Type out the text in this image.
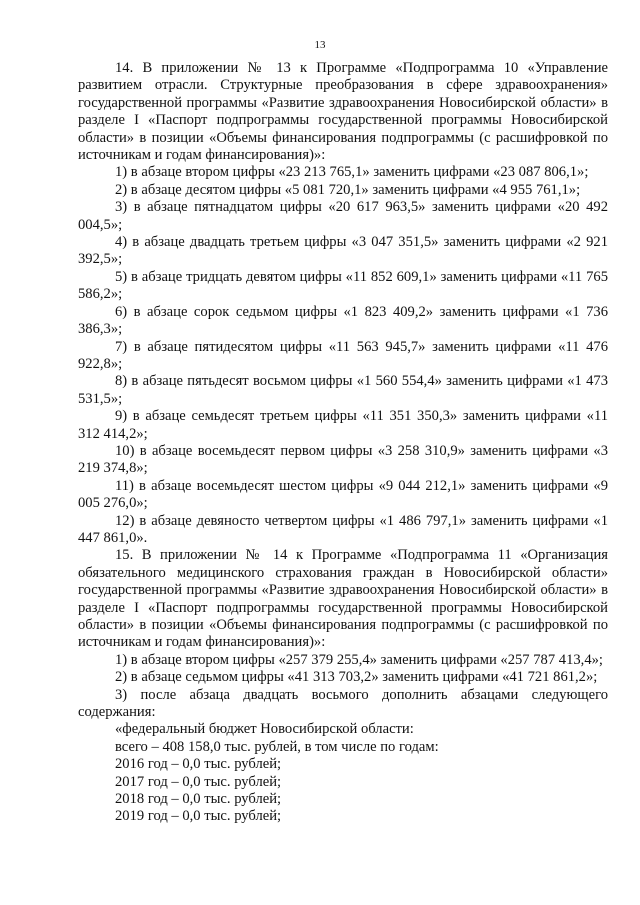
13

14. В приложении № 13 к Программе «Подпрограмма 10 «Управление развитием отрасли. Структурные преобразования в сфере здравоохранения» государственной программы «Развитие здравоохранения Новосибирской области» в разделе I «Паспорт подпрограммы государственной программы Новосибирской области» в позиции «Объемы финансирования подпрограммы (с расшифровкой по источникам и годам финансирования)»:

1) в абзаце втором цифры «23 213 765,1» заменить цифрами «23 087 806,1»;

2) в абзаце десятом цифры «5 081 720,1» заменить цифрами «4 955 761,1»;

3) в абзаце пятнадцатом цифры «20 617 963,5» заменить цифрами «20 492 004,5»;

4) в абзаце двадцать третьем цифры «3 047 351,5» заменить цифрами «2 921 392,5»;

5) в абзаце тридцать девятом цифры «11 852 609,1» заменить цифрами «11 765 586,2»;

6) в абзаце сорок седьмом цифры «1 823 409,2» заменить цифрами «1 736 386,3»;

7) в абзаце пятидесятом цифры «11 563 945,7» заменить цифрами «11 476 922,8»;

8) в абзаце пятьдесят восьмом цифры «1 560 554,4» заменить цифрами «1 473 531,5»;

9) в абзаце семьдесят третьем цифры «11 351 350,3» заменить цифрами «11 312 414,2»;

10) в абзаце восемьдесят первом цифры «3 258 310,9» заменить цифрами «3 219 374,8»;

11) в абзаце восемьдесят шестом цифры «9 044 212,1» заменить цифрами «9 005 276,0»;

12) в абзаце девяносто четвертом цифры «1 486 797,1» заменить цифрами «1 447 861,0».

15. В приложении № 14 к Программе «Подпрограмма 11 «Организация обязательного медицинского страхования граждан в Новосибирской области» государственной программы «Развитие здравоохранения Новосибирской области» в разделе I «Паспорт подпрограммы государственной программы Новосибирской области» в позиции «Объемы финансирования подпрограммы (с расшифровкой по источникам и годам финансирования)»:

1) в абзаце втором цифры «257 379 255,4» заменить цифрами «257 787 413,4»;

2) в абзаце седьмом цифры «41 313 703,2» заменить цифрами «41 721 861,2»;

3) после абзаца двадцать восьмого дополнить абзацами следующего содержания:

«федеральный бюджет Новосибирской области:

всего – 408 158,0 тыс. рублей, в том числе по годам:

2016 год – 0,0 тыс. рублей;

2017 год – 0,0 тыс. рублей;

2018 год – 0,0 тыс. рублей;

2019 год – 0,0 тыс. рублей;
